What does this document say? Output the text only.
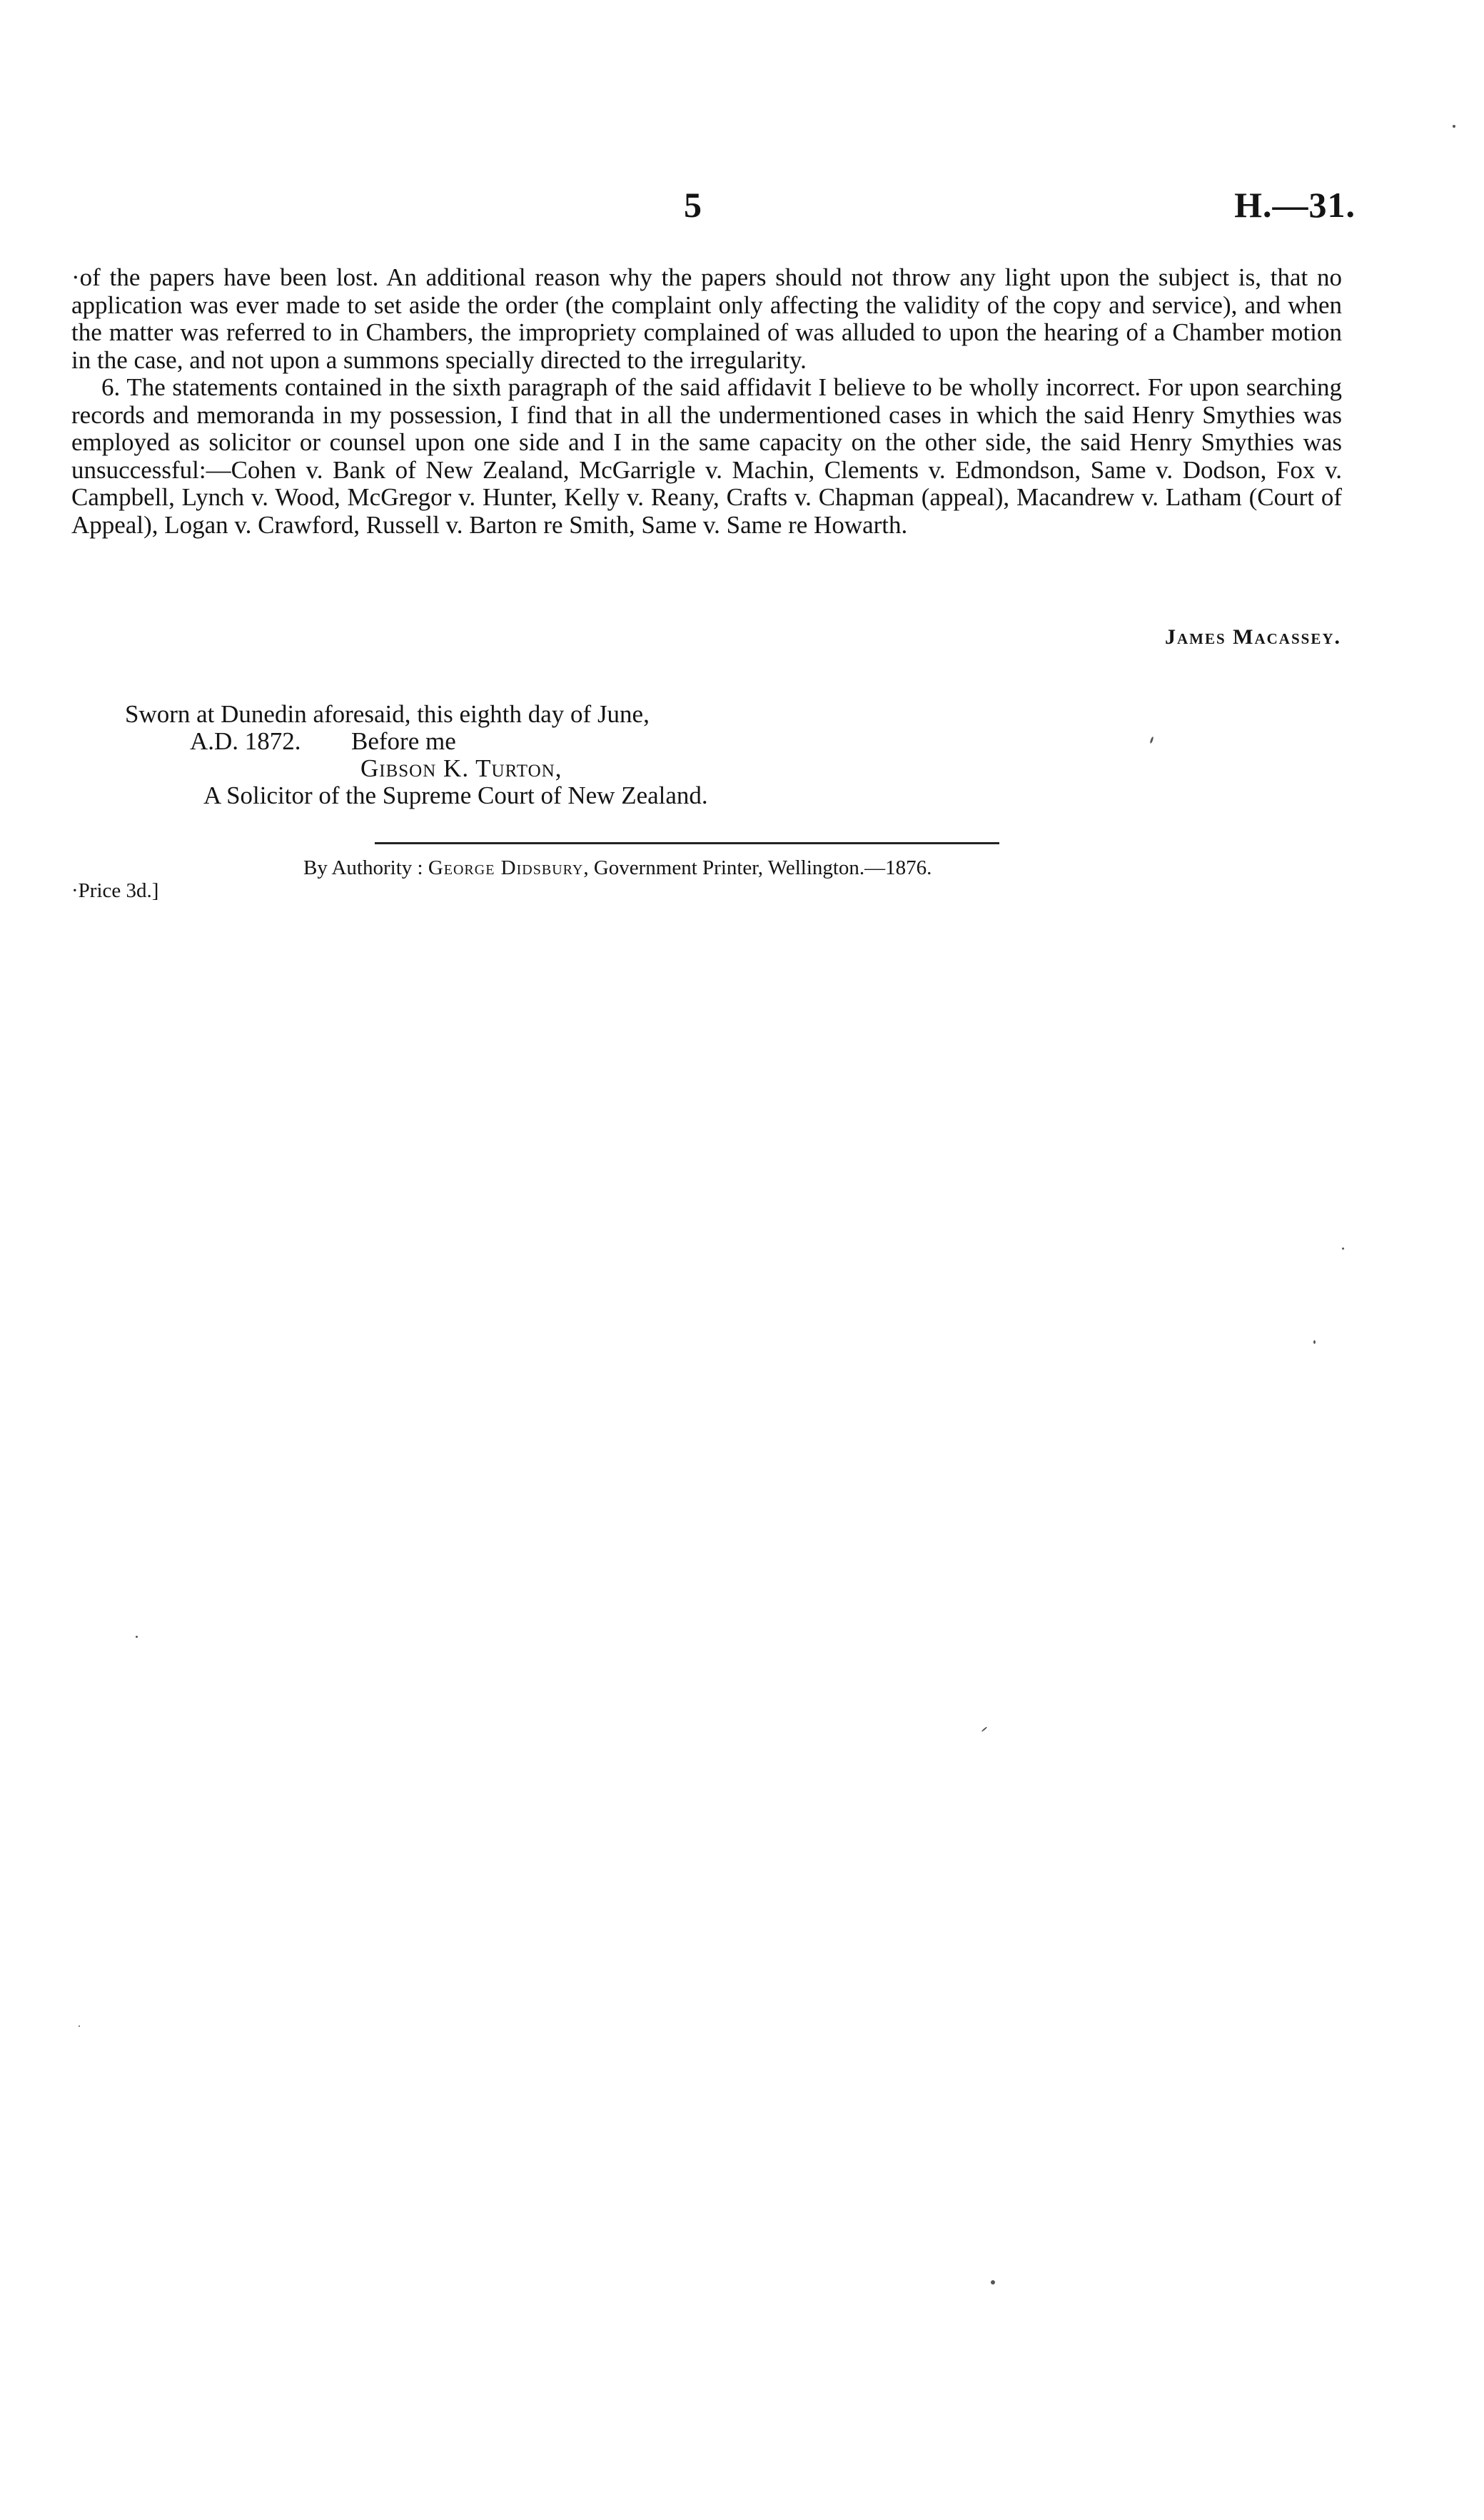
5	H.—31.

·of the papers have been lost. An additional reason why the papers should not throw any light upon the subject is, that no application was ever made to set aside the order (the complaint only affecting the validity of the copy and service), and when the matter was referred to in Chambers, the impropriety complained of was alluded to upon the hearing of a Chamber motion in the case, and not upon a summons specially directed to the irregularity.

6. The statements contained in the sixth paragraph of the said affidavit I believe to be wholly incorrect. For upon searching records and memoranda in my possession, I find that in all the undermentioned cases in which the said Henry Smythies was employed as solicitor or counsel upon one side and I in the same capacity on the other side, the said Henry Smythies was unsuccessful:—Cohen v. Bank of New Zealand, McGarrigle v. Machin, Clements v. Edmondson, Same v. Dodson, Fox v. Campbell, Lynch v. Wood, McGregor v. Hunter, Kelly v. Reany, Crafts v. Chapman (appeal), Macandrew v. Latham (Court of Appeal), Logan v. Crawford, Russell v. Barton re Smith, Same v. Same re Howarth.

James Macassey.
Sworn at Dunedin aforesaid, this eighth day of June,
A.D. 1872. Before me
Gibson K. Turton,
A Solicitor of the Supreme Court of New Zealand.
By Authority : George Didsbury, Government Printer, Wellington.—1876.
·Price 3d.]
